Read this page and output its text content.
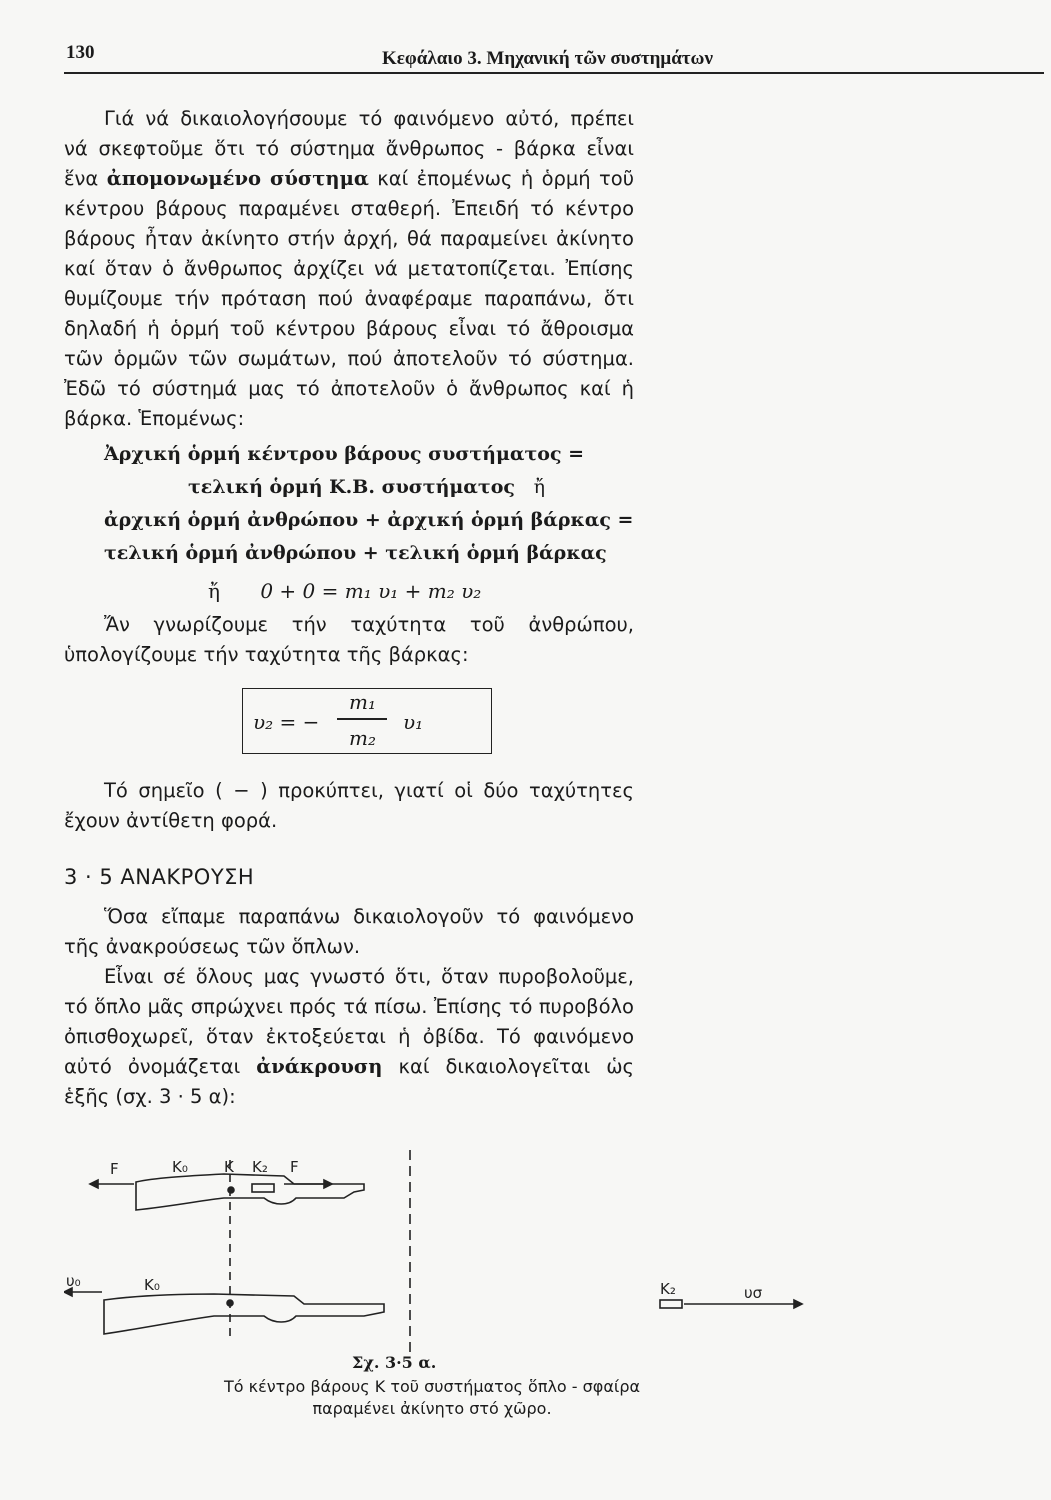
130	Κεφάλαιο 3. Μηχανική τῶν συστημάτων

Γιά νά δικαιολογήσουμε τό φαινόμενο αὐτό, πρέπει νά σκεφτοῦμε ὅτι τό σύστημα ἄνθρωπος - βάρκα εἶναι ἕνα ἀπομονωμένο σύστημα καί ἐπομένως ἡ ὁρμή τοῦ κέντρου βάρους παραμένει σταθερή. Ἐπειδή τό κέντρο βάρους ἦταν ἀκίνητο στήν ἀρχή, θά παραμείνει ἀκίνητο καί ὅταν ὁ ἄνθρωπος ἀρχίζει νά μετατοπίζεται. Ἐπίσης θυμίζουμε τήν πρόταση πού ἀναφέραμε παραπάνω, ὅτι δηλαδή ἡ ὁρμή τοῦ κέντρου βάρους εἶναι τό ἄθροισμα τῶν ὁρμῶν τῶν σωμάτων, πού ἀποτελοῦν τό σύστημα. Ἐδῶ τό σύστημά μας τό ἀποτελοῦν ὁ ἄνθρωπος καί ἡ βάρκα. Ἑπομένως:

Ἀρχική ὁρμή κέντρου βάρους συστήματος =
τελική ὁρμή Κ.Β. συστήματος ἤ
ἀρχική ὁρμή ἀνθρώπου + ἀρχική ὁρμή βάρκας =
τελική ὁρμή ἀνθρώπου + τελική ὁρμή βάρκας
ἤ 0 + 0 = m₁ υ₁ + m₂ υ₂

Ἄν γνωρίζουμε τήν ταχύτητα τοῦ ἀνθρώπου, ὑπολογίζουμε τήν ταχύτητα τῆς βάρκας:

υ₂ = −
m₁
m₂
υ₁

Τό σημεῖο ( − ) προκύπτει, γιατί οἱ δύο ταχύτητες ἔχουν ἀντίθετη φορά.

3 · 5 ΑΝΑΚΡΟΥΣΗ

Ὅσα εἴπαμε παραπάνω δικαιολογοῦν τό φαινόμενο τῆς ἀνακρούσεως τῶν ὅπλων.

Εἶναι σέ ὅλους μας γνωστό ὅτι, ὅταν πυροβολοῦμε, τό ὅπλο μᾶς σπρώχνει πρός τά πίσω. Ἐπίσης τό πυροβόλο ὀπισθοχωρεῖ, ὅταν ἐκτοξεύεται ἡ ὀβίδα. Τό φαινόμενο αὐτό ὀνομάζεται ἀνάκρουση καί δικαιολογεῖται ὡς ἑξῆς (σχ. 3 · 5 α):

F	K₀ K K₂ F
υ₀	K₀	K₂	υσ
Σχ. 3·5 α.
Τό κέντρο βάρους Κ τοῦ συστήματος ὅπλο - σφαίρα παραμένει ἀκίνητο στό χῶρο.
